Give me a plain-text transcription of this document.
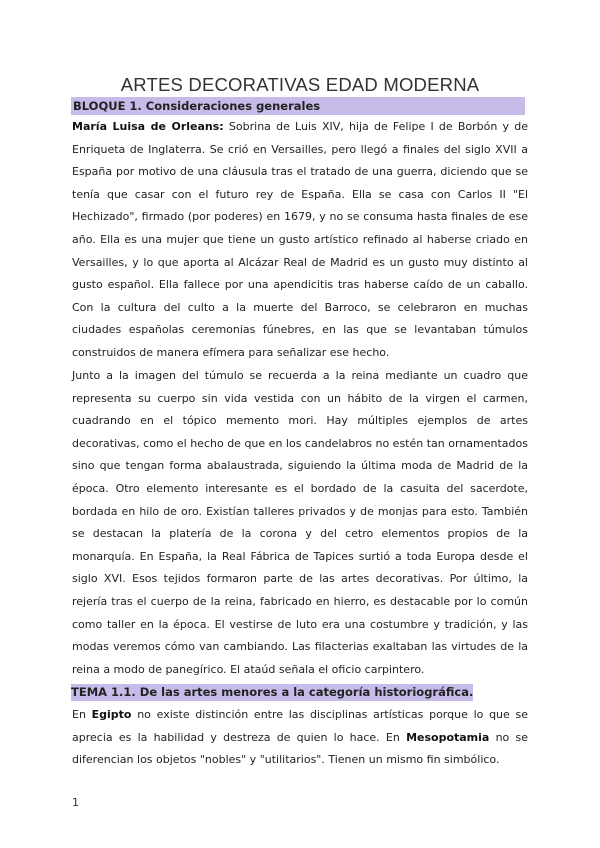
ARTES DECORATIVAS EDAD MODERNA
BLOQUE 1. Consideraciones generales

María Luisa de Orleans: Sobrina de Luis XIV, hija de Felipe I de Borbón y de Enriqueta de Inglaterra. Se crió en Versailles, pero llegó a finales del siglo XVII a España por motivo de una cláusula tras el tratado de una guerra, diciendo que se tenía que casar con el futuro rey de España. Ella se casa con Carlos II "El Hechizado", firmado (por poderes) en 1679, y no se consuma hasta finales de ese año. Ella es una mujer que tiene un gusto artístico refinado al haberse criado en Versailles, y lo que aporta al Alcázar Real de Madrid es un gusto muy distinto al gusto español. Ella fallece por una apendicitis tras haberse caído de un caballo. Con la cultura del culto a la muerte del Barroco, se celebraron en muchas ciudades españolas ceremonias fúnebres, en las que se levantaban túmulos construidos de manera efímera para señalizar ese hecho.

Junto a la imagen del túmulo se recuerda a la reina mediante un cuadro que representa su cuerpo sin vida vestida con un hábito de la virgen el carmen, cuadrando en el tópico memento mori. Hay múltiples ejemplos de artes decorativas, como el hecho de que en los candelabros no estén tan ornamentados sino que tengan forma abalaustrada, siguiendo la última moda de Madrid de la época. Otro elemento interesante es el bordado de la casuita del sacerdote, bordada en hilo de oro. Existían talleres privados y de monjas para esto. También se destacan la platería de la corona y del cetro elementos propios de la monarquía. En España, la Real Fábrica de Tapices surtió a toda Europa desde el siglo XVI. Esos tejidos formaron parte de las artes decorativas. Por último, la rejería tras el cuerpo de la reina, fabricado en hierro, es destacable por lo común como taller en la época. El vestirse de luto era una costumbre y tradición, y las modas veremos cómo van cambiando. Las filacterias exaltaban las virtudes de la reina a modo de panegírico. El ataúd señala el oficio carpintero.

TEMA 1.1. De las artes menores a la categoría historiográfica.

En Egipto no existe distinción entre las disciplinas artísticas porque lo que se aprecia es la habilidad y destreza de quien lo hace. En Mesopotamia no se diferencian los objetos "nobles" y "utilitarios". Tienen un mismo fin simbólico.

1
